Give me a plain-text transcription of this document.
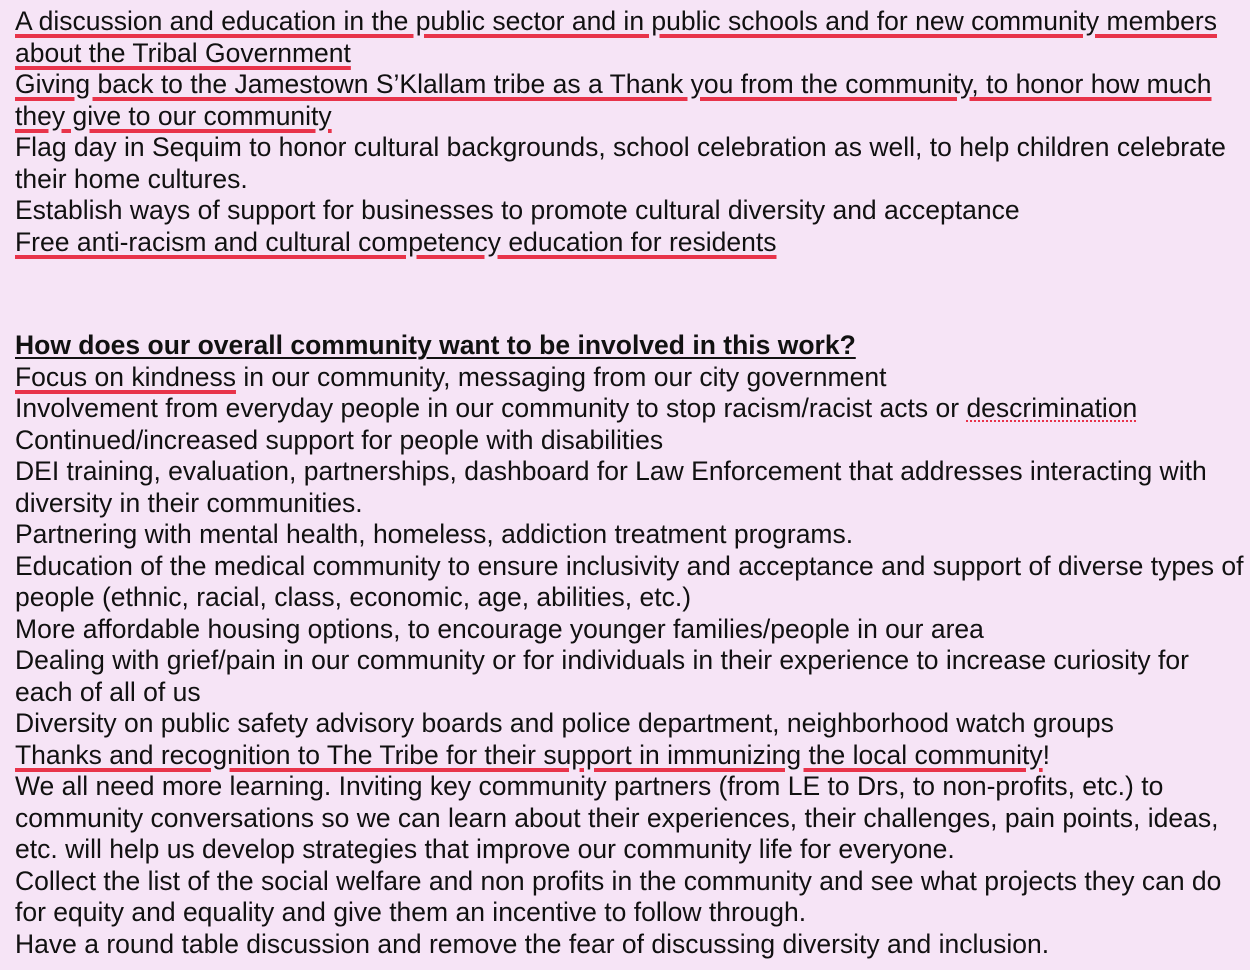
A discussion and education in the public sector and in public schools and for new community members about the Tribal Government

Giving back to the Jamestown S’Klallam tribe as a Thank you from the community, to honor how much they give to our community

Flag day in Sequim to honor cultural backgrounds, school celebration as well, to help children celebrate their home cultures.

Establish ways of support for businesses to promote cultural diversity and acceptance

Free anti-racism and cultural competency education for residents

How does our overall community want to be involved in this work?

Focus on kindness in our community, messaging from our city government

Involvement from everyday people in our community to stop racism/racist acts or descrimination

Continued/increased support for people with disabilities

DEI training, evaluation, partnerships, dashboard for Law Enforcement that addresses interacting with diversity in their communities.

Partnering with mental health, homeless, addiction treatment programs.

Education of the medical community to ensure inclusivity and acceptance and support of diverse types of people (ethnic, racial, class, economic, age, abilities, etc.)

More affordable housing options, to encourage younger families/people in our area

Dealing with grief/pain in our community or for individuals in their experience to increase curiosity for each of all of us

Diversity on public safety advisory boards and police department, neighborhood watch groups

Thanks and recognition to The Tribe for their support in immunizing the local community!

We all need more learning. Inviting key community partners (from LE to Drs, to non-profits, etc.) to community conversations so we can learn about their experiences, their challenges, pain points, ideas, etc. will help us develop strategies that improve our community life for everyone.

Collect the list of the social welfare and non profits in the community and see what projects they can do for equity and equality and give them an incentive to follow through.

Have a round table discussion and remove the fear of discussing diversity and inclusion.
